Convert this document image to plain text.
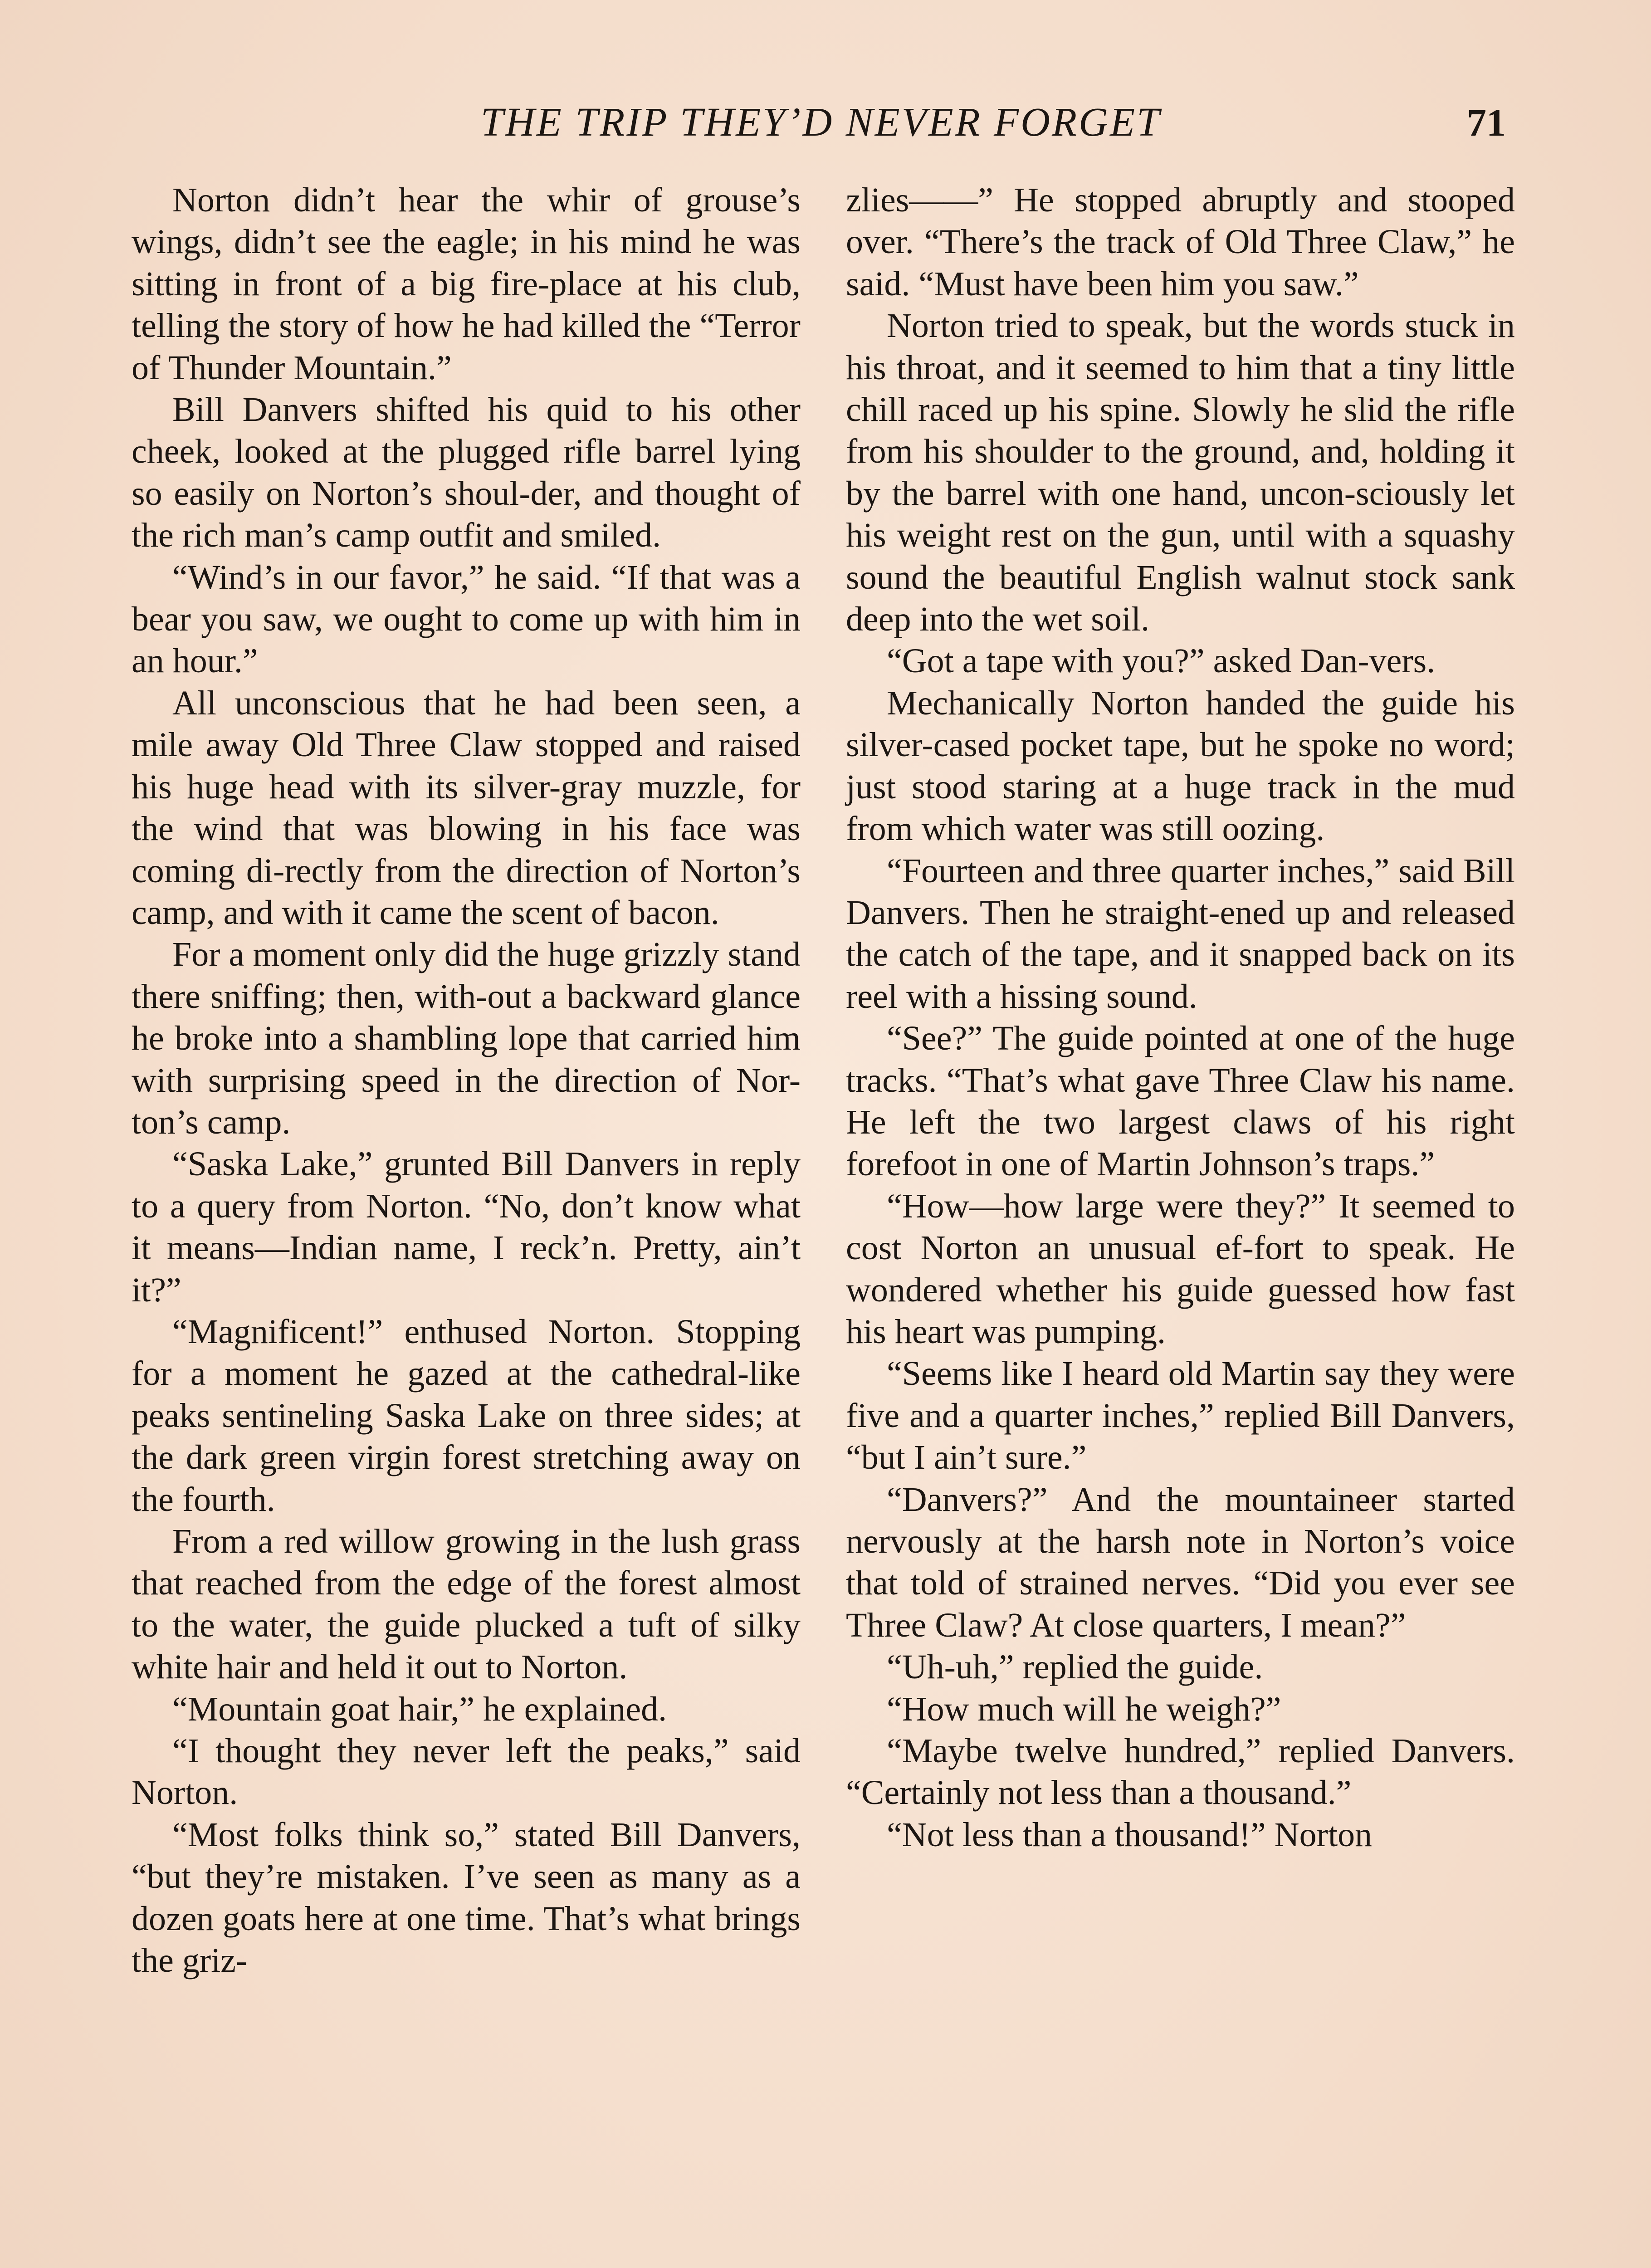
THE TRIP THEY’D NEVER FORGET	71

Norton didn’t hear the whir of grouse’s wings, didn’t see the eagle; in his mind he was sitting in front of a big fire-place at his club, telling the story of how he had killed the “Terror of Thunder Mountain.”

Bill Danvers shifted his quid to his other cheek, looked at the plugged rifle barrel lying so easily on Norton’s shoul-der, and thought of the rich man’s camp outfit and smiled.

“Wind’s in our favor,” he said. “If that was a bear you saw, we ought to come up with him in an hour.”

All unconscious that he had been seen, a mile away Old Three Claw stopped and raised his huge head with its silver-gray muzzle, for the wind that was blowing in his face was coming di-rectly from the direction of Norton’s camp, and with it came the scent of bacon.

For a moment only did the huge grizzly stand there sniffing; then, with-out a backward glance he broke into a shambling lope that carried him with surprising speed in the direction of Nor-ton’s camp.

“Saska Lake,” grunted Bill Danvers in reply to a query from Norton. “No, don’t know what it means—Indian name, I reck’n. Pretty, ain’t it?”

“Magnificent!” enthused Norton. Stopping for a moment he gazed at the cathedral-like peaks sentineling Saska Lake on three sides; at the dark green virgin forest stretching away on the fourth.

From a red willow growing in the lush grass that reached from the edge of the forest almost to the water, the guide plucked a tuft of silky white hair and held it out to Norton.

“Mountain goat hair,” he explained.

“I thought they never left the peaks,” said Norton.

“Most folks think so,” stated Bill Danvers, “but they’re mistaken. I’ve seen as many as a dozen goats here at one time. That’s what brings the griz-

zlies——” He stopped abruptly and stooped over. “There’s the track of Old Three Claw,” he said. “Must have been him you saw.”

Norton tried to speak, but the words stuck in his throat, and it seemed to him that a tiny little chill raced up his spine. Slowly he slid the rifle from his shoulder to the ground, and, holding it by the barrel with one hand, uncon-sciously let his weight rest on the gun, until with a squashy sound the beautiful English walnut stock sank deep into the wet soil.

“Got a tape with you?” asked Dan-vers.

Mechanically Norton handed the guide his silver-cased pocket tape, but he spoke no word; just stood staring at a huge track in the mud from which water was still oozing.

“Fourteen and three quarter inches,” said Bill Danvers. Then he straight-ened up and released the catch of the tape, and it snapped back on its reel with a hissing sound.

“See?” The guide pointed at one of the huge tracks. “That’s what gave Three Claw his name. He left the two largest claws of his right forefoot in one of Martin Johnson’s traps.”

“How—how large were they?” It seemed to cost Norton an unusual ef-fort to speak. He wondered whether his guide guessed how fast his heart was pumping.

“Seems like I heard old Martin say they were five and a quarter inches,” replied Bill Danvers, “but I ain’t sure.”

“Danvers?” And the mountaineer started nervously at the harsh note in Norton’s voice that told of strained nerves. “Did you ever see Three Claw? At close quarters, I mean?”

“Uh-uh,” replied the guide.

“How much will he weigh?”

“Maybe twelve hundred,” replied Danvers. “Certainly not less than a thousand.”

“Not less than a thousand!” Norton
